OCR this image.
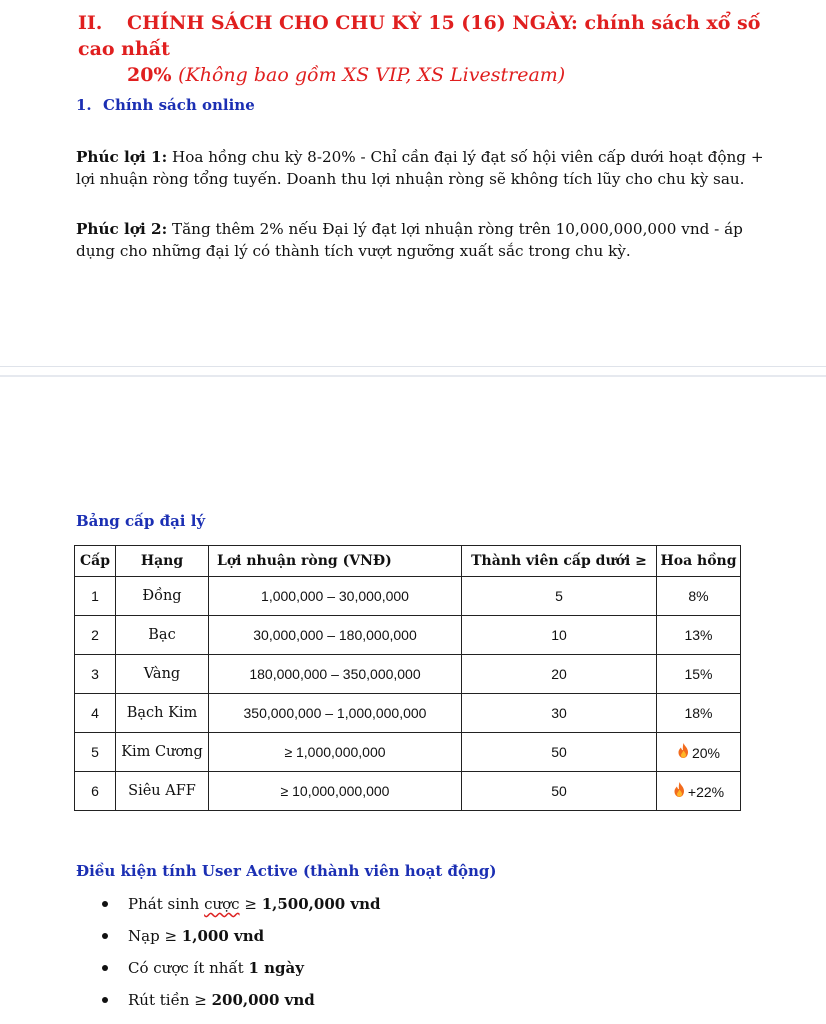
II. CHÍNH SÁCH CHO CHU KỲ 15 (16) NGÀY: chính sách xổ số cao nhất
20% (Không bao gồm XS VIP, XS Livestream)
1. Chính sách online
Phúc lợi 1: Hoa hồng chu kỳ 8-20% - Chỉ cần đại lý đạt số hội viên cấp dưới hoạt động + lợi nhuận ròng tổng tuyến. Doanh thu lợi nhuận ròng sẽ không tích lũy cho chu kỳ sau.
Phúc lợi 2: Tăng thêm 2% nếu Đại lý đạt lợi nhuận ròng trên 10,000,000,000 vnd - áp dụng cho những đại lý có thành tích vượt ngưỡng xuất sắc trong chu kỳ.
Bảng cấp đại lý
Cấp	Hạng	Lợi nhuận ròng (VNĐ)	Thành viên cấp dưới ≥	Hoa hồng
1	Đồng	1,000,000 – 30,000,000	5	8%
2	Bạc	30,000,000 – 180,000,000	10	13%
3	Vàng	180,000,000 – 350,000,000	20	15%
4	Bạch Kim	350,000,000 – 1,000,000,000	30	18%
5	Kim Cương	≥ 1,000,000,000	50	20%
6	Siêu AFF	≥ 10,000,000,000	50	+22%
Điều kiện tính User Active (thành viên hoạt động)
Phát sinh cược ≥ 1,500,000 vnd
Nạp ≥ 1,000 vnd
Có cược ít nhất 1 ngày
Rút tiền ≥ 200,000 vnd
